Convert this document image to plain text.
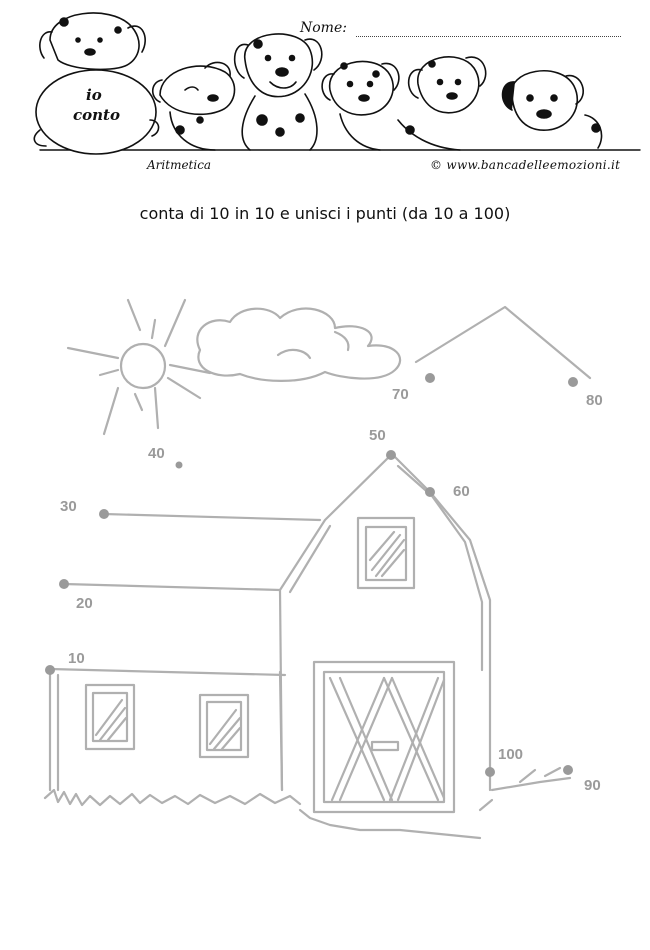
Nome:
io
conto
Aritmetica	© www.bancadelleemozioni.it
conta di 10 in 10 e unisci i punti (da 10 a 100)
10
20
30
40
50
60
70	80
90
100
